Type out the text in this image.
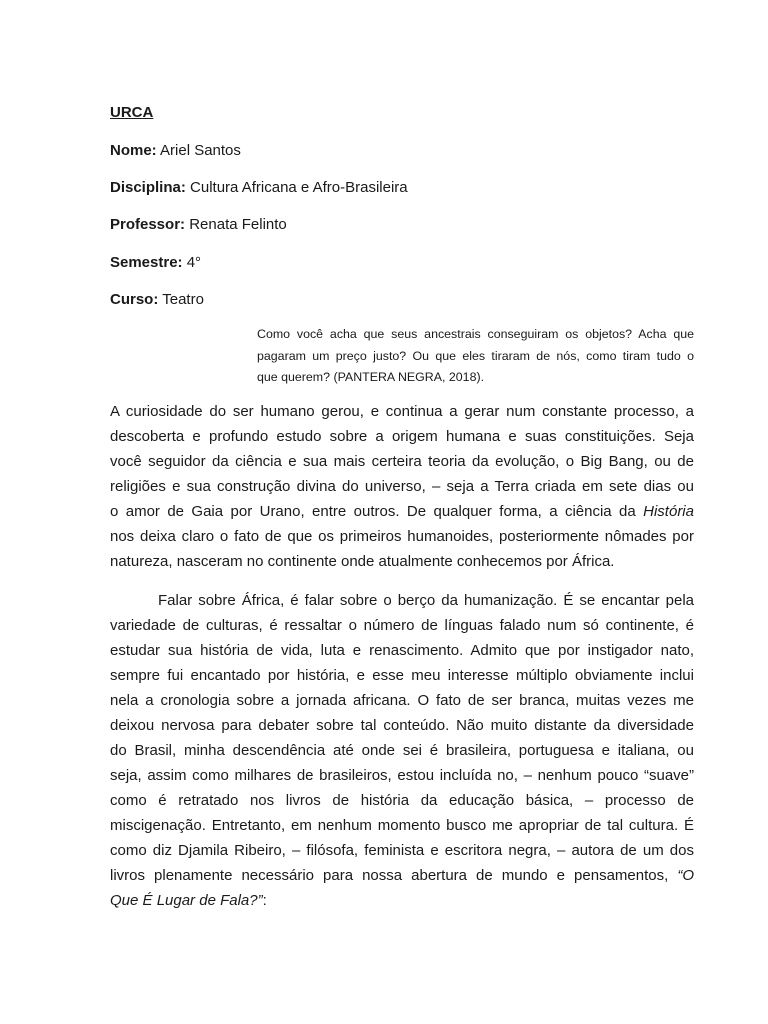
URCA
Nome: Ariel Santos
Disciplina: Cultura Africana e Afro-Brasileira
Professor: Renata Felinto
Semestre: 4°
Curso: Teatro
Como você acha que seus ancestrais conseguiram os objetos? Acha que
pagaram um preço justo? Ou que eles tiraram de nós, como tiram tudo o
que querem? (PANTERA NEGRA, 2018).
A curiosidade do ser humano gerou, e continua a gerar num constante processo, a
descoberta e profundo estudo sobre a origem humana e suas constituições. Seja
você seguidor da ciência e sua mais certeira teoria da evolução, o Big Bang, ou de
religiões e sua construção divina do universo, – seja a Terra criada em sete dias ou
o amor de Gaia por Urano, entre outros. De qualquer forma, a ciência da História
nos deixa claro o fato de que os primeiros humanoides, posteriormente nômades por
natureza, nasceram no continente onde atualmente conhecemos por África.
Falar sobre África, é falar sobre o berço da humanização. É se encantar pela
variedade de culturas, é ressaltar o número de línguas falado num só continente, é
estudar sua história de vida, luta e renascimento. Admito que por instigador nato,
sempre fui encantado por história, e esse meu interesse múltiplo obviamente inclui
nela a cronologia sobre a jornada africana. O fato de ser branca, muitas vezes me
deixou nervosa para debater sobre tal conteúdo. Não muito distante da diversidade
do Brasil, minha descendência até onde sei é brasileira, portuguesa e italiana, ou
seja, assim como milhares de brasileiros, estou incluída no, – nenhum pouco “suave”
como é retratado nos livros de história da educação básica, – processo de
miscigenação. Entretanto, em nenhum momento busco me apropriar de tal cultura. É
como diz Djamila Ribeiro, – filósofa, feminista e escritora negra, – autora de um dos
livros plenamente necessário para nossa abertura de mundo e pensamentos, “O
Que É Lugar de Fala?”:
